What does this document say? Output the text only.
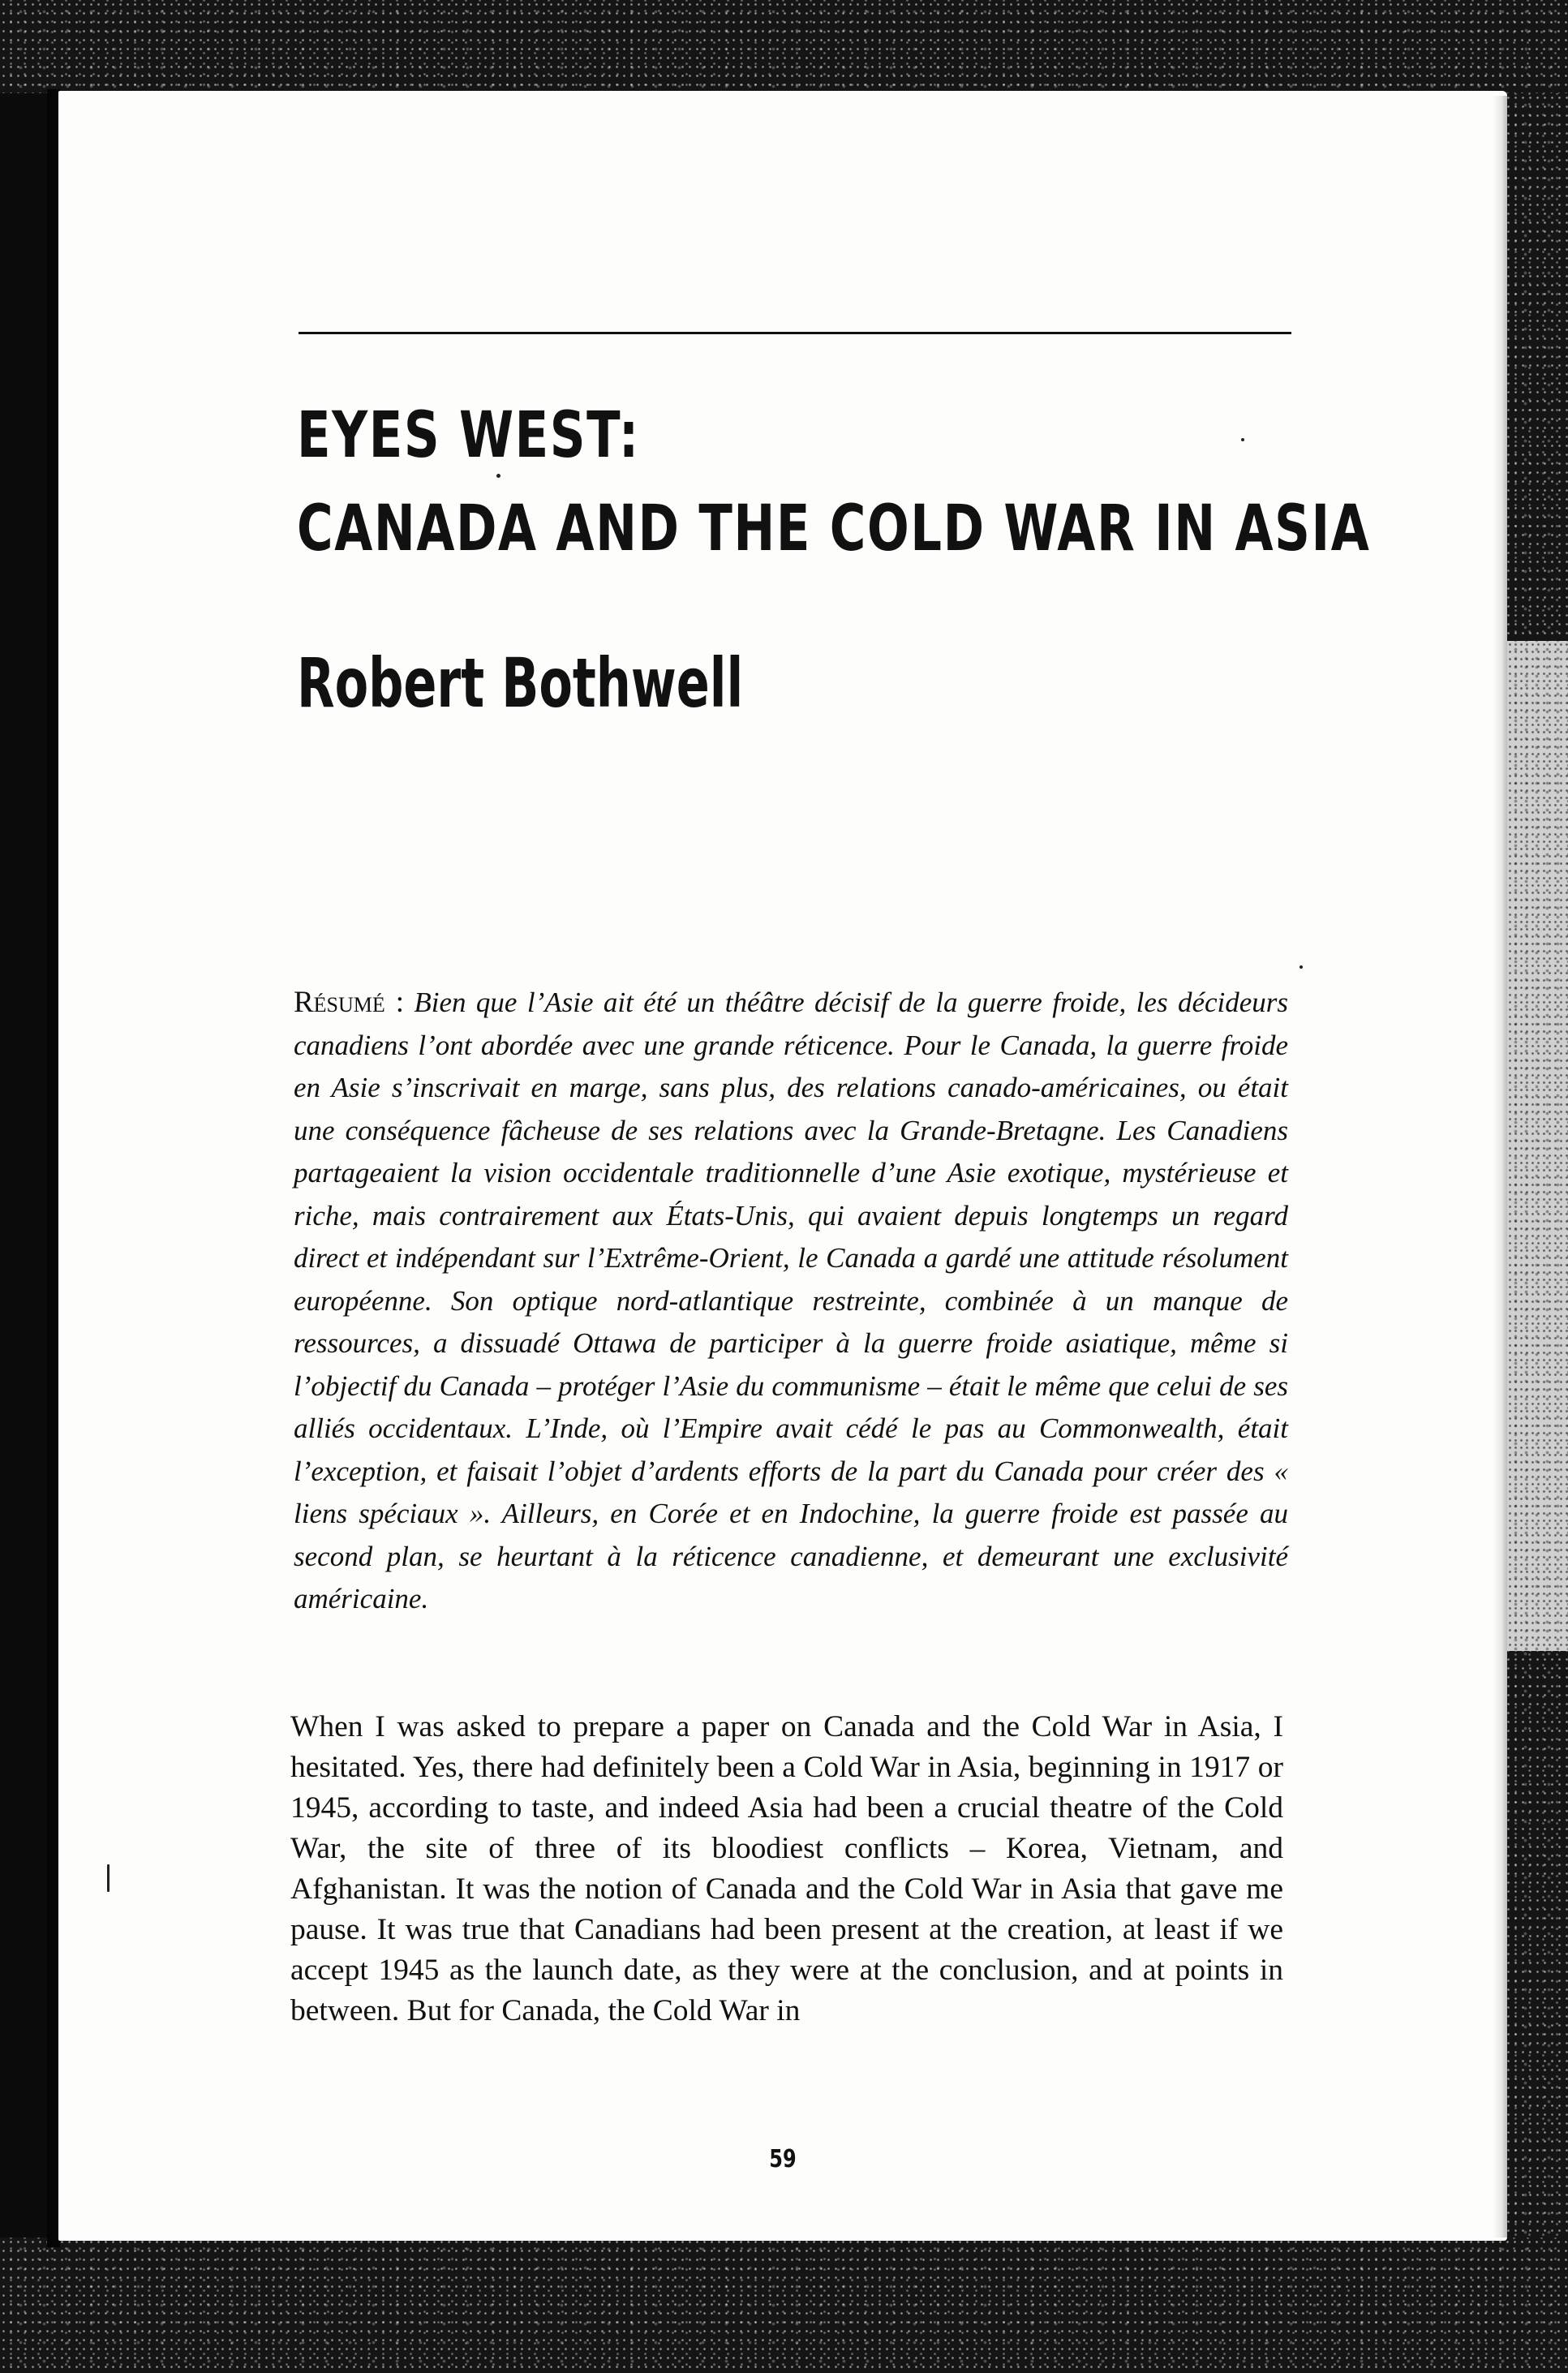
EYES WEST:
CANADA AND THE COLD WAR IN ASIA
Robert Bothwell

Résumé : Bien que l’Asie ait été un théâtre décisif de la guerre froide, les décideurs canadiens l’ont abordée avec une grande réticence. Pour le Canada, la guerre froide en Asie s’inscrivait en marge, sans plus, des relations canado-américaines, ou était une conséquence fâcheuse de ses relations avec la Grande-Bretagne. Les Canadiens partageaient la vision occidentale traditionnelle d’une Asie exotique, mystérieuse et riche, mais contrairement aux États-Unis, qui avaient depuis longtemps un regard direct et indépendant sur l’Extrême-Orient, le Canada a gardé une attitude résolument européenne. Son optique nord-atlantique restreinte, combinée à un manque de ressources, a dissuadé Ottawa de participer à la guerre froide asiatique, même si l’objectif du Canada – protéger l’Asie du communisme – était le même que celui de ses alliés occidentaux. L’Inde, où l’Empire avait cédé le pas au Commonwealth, était l’exception, et faisait l’objet d’ardents efforts de la part du Canada pour créer des « liens spéciaux ». Ailleurs, en Corée et en Indochine, la guerre froide est passée au second plan, se heurtant à la réticence canadienne, et demeurant une exclusivité américaine.

When I was asked to prepare a paper on Canada and the Cold War in Asia, I hesitated. Yes, there had definitely been a Cold War in Asia, beginning in 1917 or 1945, according to taste, and indeed Asia had been a crucial theatre of the Cold War, the site of three of its bloodiest conflicts – Korea, Vietnam, and Afghanistan. It was the notion of Canada and the Cold War in Asia that gave me pause. It was true that Canadians had been present at the creation, at least if we accept 1945 as the launch date, as they were at the conclusion, and at points in between. But for Canada, the Cold War in

59
